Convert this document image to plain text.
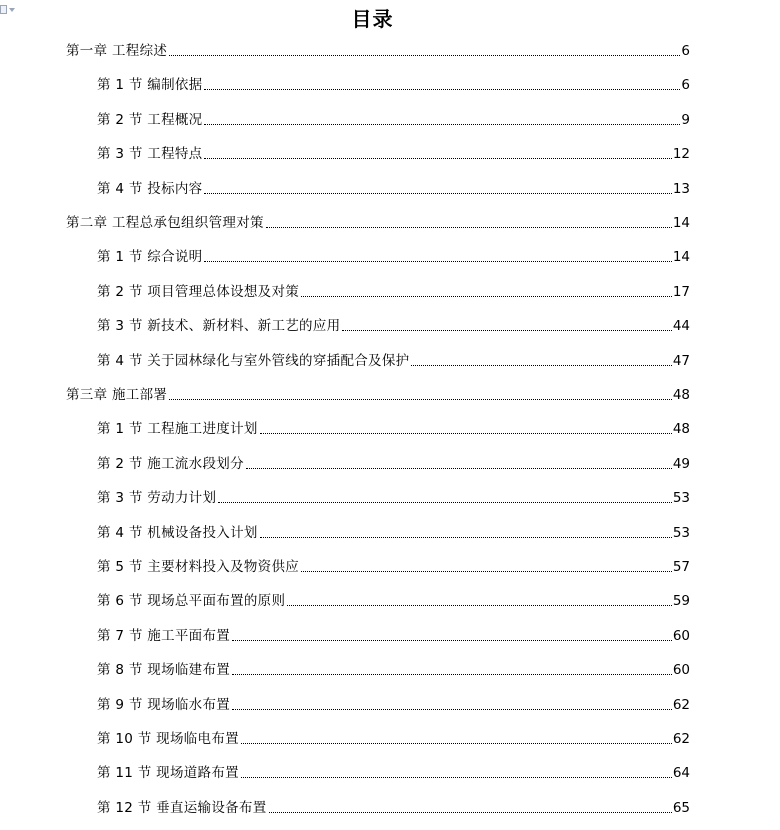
目录
第一章 工程综述	6
第 1 节 编制依据	6
第 2 节 工程概况	9
第 3 节 工程特点	12
第 4 节 投标内容	13
第二章 工程总承包组织管理对策	14
第 1 节 综合说明	14
第 2 节 项目管理总体设想及对策	17
第 3 节 新技术、新材料、新工艺的应用	44
第 4 节 关于园林绿化与室外管线的穿插配合及保护	47
第三章 施工部署	48
第 1 节 工程施工进度计划	48
第 2 节 施工流水段划分	49
第 3 节 劳动力计划	53
第 4 节 机械设备投入计划	53
第 5 节 主要材料投入及物资供应	57
第 6 节 现场总平面布置的原则	59
第 7 节 施工平面布置	60
第 8 节 现场临建布置	60
第 9 节 现场临水布置	62
第 10 节 现场临电布置	62
第 11 节 现场道路布置	64
第 12 节 垂直运输设备布置	65
